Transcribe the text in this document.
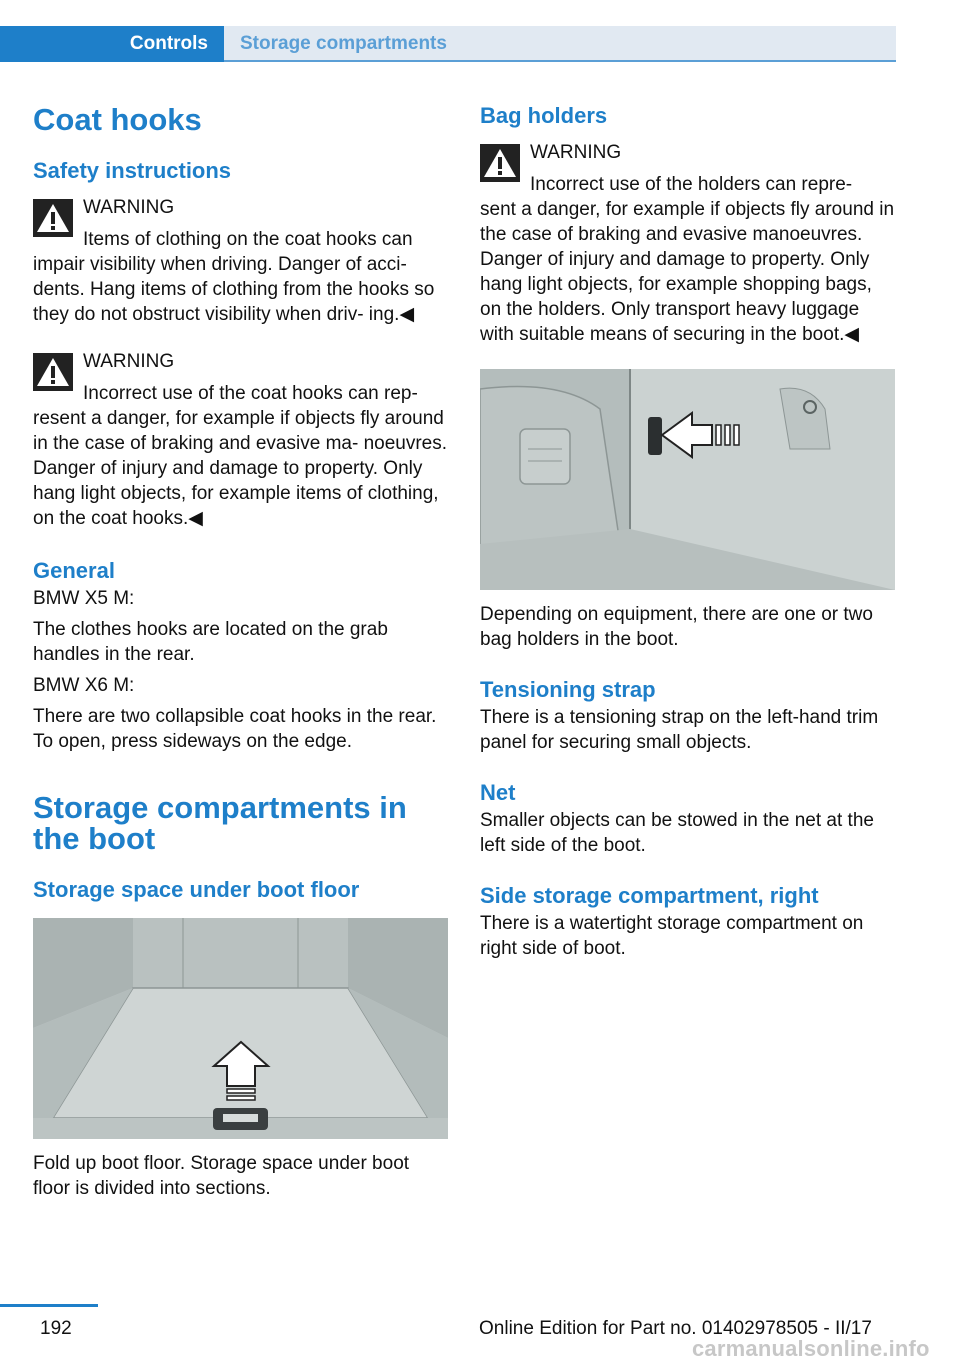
Controls Storage compartments
Coat hooks
Safety instructions
WARNING
Items of clothing on the coat hooks can
impair visibility when driving. Danger of acci‐ dents. Hang items of clothing from the hooks so they do not obstruct visibility when driv‐ ing.◀
WARNING
Incorrect use of the coat hooks can rep‐
resent a danger, for example if objects fly around in the case of braking and evasive ma‐ noeuvres. Danger of injury and damage to property. Only hang light objects, for example items of clothing, on the coat hooks.◀
General

BMW X5 M:

The clothes hooks are located on the grab handles in the rear.

BMW X6 M:

There are two collapsible coat hooks in the rear. To open, press sideways on the edge.

Storage compartments in the boot
Storage space under boot floor

Fold up boot floor. Storage space under boot floor is divided into sections.

Bag holders
WARNING
Incorrect use of the holders can repre‐
sent a danger, for example if objects fly around in the case of braking and evasive manoeuvres. Danger of injury and damage to property. Only hang light objects, for example shopping bags, on the holders. Only transport heavy luggage with suitable means of securing in the boot.◀

Depending on equipment, there are one or two bag holders in the boot.

Tensioning strap

There is a tensioning strap on the left-hand trim panel for securing small objects.

Net

Smaller objects can be stowed in the net at the left side of the boot.

Side storage compartment, right

There is a watertight storage compartment on right side of boot.

192	Online Edition for Part no. 01402978505 - II/17
carmanualsonline.info
